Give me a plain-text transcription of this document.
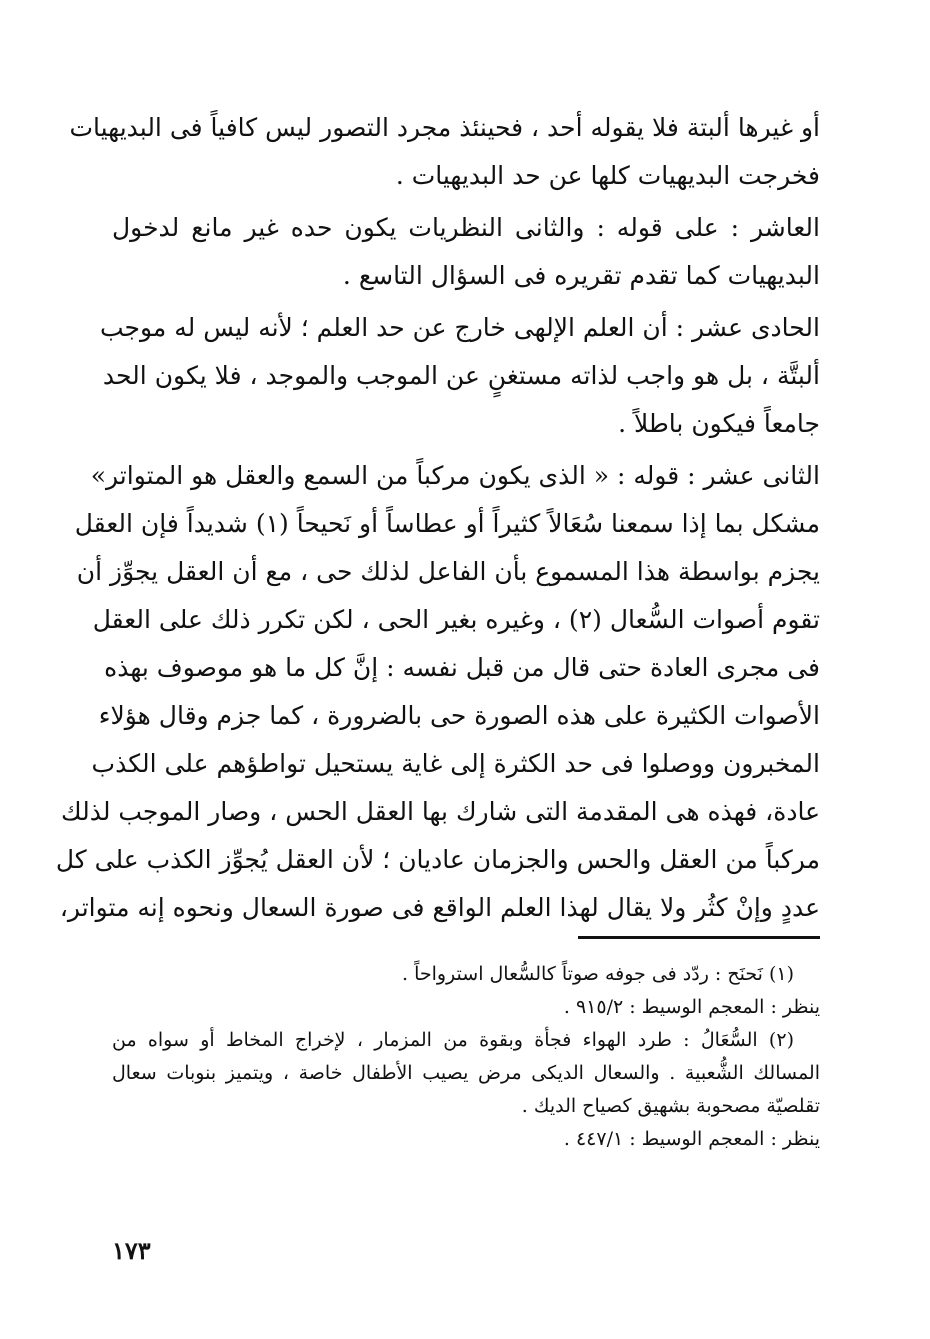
أو غيرها ألبتة فلا يقوله أحد ، فحينئذ مجرد التصور ليس كافياً فى البديهيات
فخرجت البديهيات كلها عن حد البديهيات .
العاشر : على قوله : والثانى النظريات يكون حده غير مانع لدخول
البديهيات كما تقدم تقريره فى السؤال التاسع .
الحادى عشر : أن العلم الإلهى خارج عن حد العلم ؛ لأنه ليس له موجب
ألبتَّة ، بل هو واجب لذاته مستغنٍ عن الموجب والموجد ، فلا يكون الحد
جامعاً فيكون باطلاً .
الثانى عشر : قوله : « الذى يكون مركباً من السمع والعقل هو المتواتر»
مشكل بما إذا سمعنا سُعَالاً كثيراً أو عطاساً أو نَحيحاً (١) شديداً فإن العقل
يجزم بواسطة هذا المسموع بأن الفاعل لذلك حى ، مع أن العقل يجوِّز أن
تقوم أصوات السُّعال (٢) ، وغيره بغير الحى ، لكن تكرر ذلك على العقل
فى مجرى العادة حتى قال من قبل نفسه : إنَّ كل ما هو موصوف بهذه
الأصوات الكثيرة على هذه الصورة حى بالضرورة ، كما جزم وقال هؤلاء
المخبرون ووصلوا فى حد الكثرة إلى غاية يستحيل تواطؤهم على الكذب
عادة، فهذه هى المقدمة التى شارك بها العقل الحس ، وصار الموجب لذلك
مركباً من العقل والحس والجزمان عاديان ؛ لأن العقل يُجوِّز الكذب على كل
عددٍ وإنْ كثُر ولا يقال لهذا العلم الواقع فى صورة السعال ونحوه إنه متواتر،
(١) نَحنَح : ردّد فى جوفه صوتاً كالسُّعال استرواحاً .
ينظر : المعجم الوسيط : ٩١٥/٢ .
(٢) السُّعَالُ : طرد الهواء فجأة وبقوة من المزمار ، لإخراج المخاط أو سواه من
المسالك الشُّعبية . والسعال الديكى مرض يصيب الأطفال خاصة ، ويتميز بنوبات سعال
تقلصيّة مصحوبة بشهيق كصياح الديك .
ينظر : المعجم الوسيط : ٤٤٧/١ .
١٧٣
